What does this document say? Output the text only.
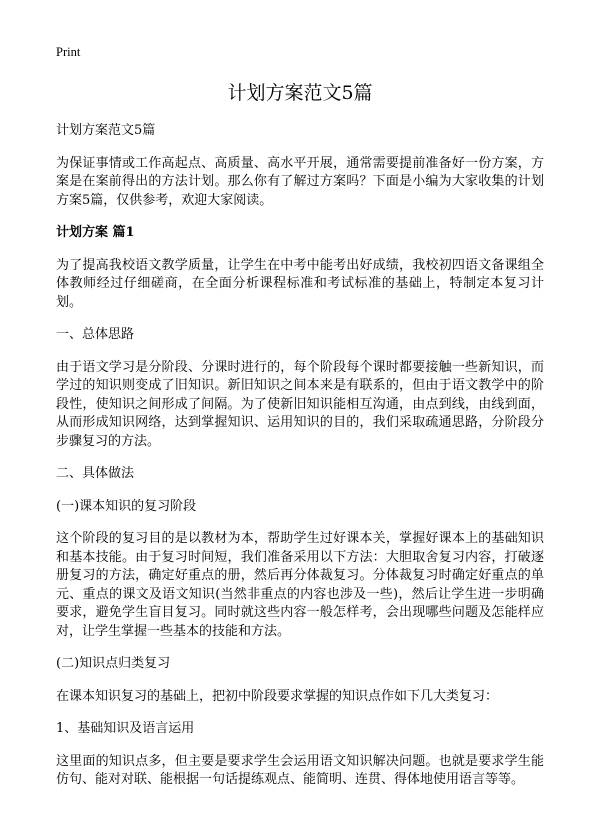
Print
计划方案范文5篇

计划方案范文5篇

为保证事情或工作高起点、高质量、高水平开展，通常需要提前准备好一份方案，方案是在案前得出的方法计划。那么你有了解过方案吗？下面是小编为大家收集的计划方案5篇，仅供参考，欢迎大家阅读。

计划方案 篇1

为了提高我校语文教学质量，让学生在中考中能考出好成绩，我校初四语文备课组全体教师经过仔细磋商，在全面分析课程标准和考试标准的基础上，特制定本复习计划。

一、总体思路

由于语文学习是分阶段、分课时进行的，每个阶段每个课时都要接触一些新知识，而学过的知识则变成了旧知识。新旧知识之间本来是有联系的，但由于语文教学中的阶段性，使知识之间形成了间隔。为了使新旧知识能相互沟通，由点到线，由线到面，从而形成知识网络，达到掌握知识、运用知识的目的，我们采取疏通思路，分阶段分步骤复习的方法。

二、具体做法

(一)课本知识的复习阶段

这个阶段的复习目的是以教材为本，帮助学生过好课本关，掌握好课本上的基础知识和基本技能。由于复习时间短，我们准备采用以下方法：大胆取舍复习内容，打破逐册复习的方法，确定好重点的册，然后再分体裁复习。分体裁复习时确定好重点的单元、重点的课文及语文知识(当然非重点的内容也涉及一些)，然后让学生进一步明确要求，避免学生盲目复习。同时就这些内容一般怎样考，会出现哪些问题及怎能样应对，让学生掌握一些基本的技能和方法。

(二)知识点归类复习

在课本知识复习的基础上，把初中阶段要求掌握的知识点作如下几大类复习：

1、基础知识及语言运用

这里面的知识点多，但主要是要求学生会运用语文知识解决问题。也就是要求学生能仿句、能对对联、能根据一句话提练观点、能简明、连贯、得体地使用语言等等。
